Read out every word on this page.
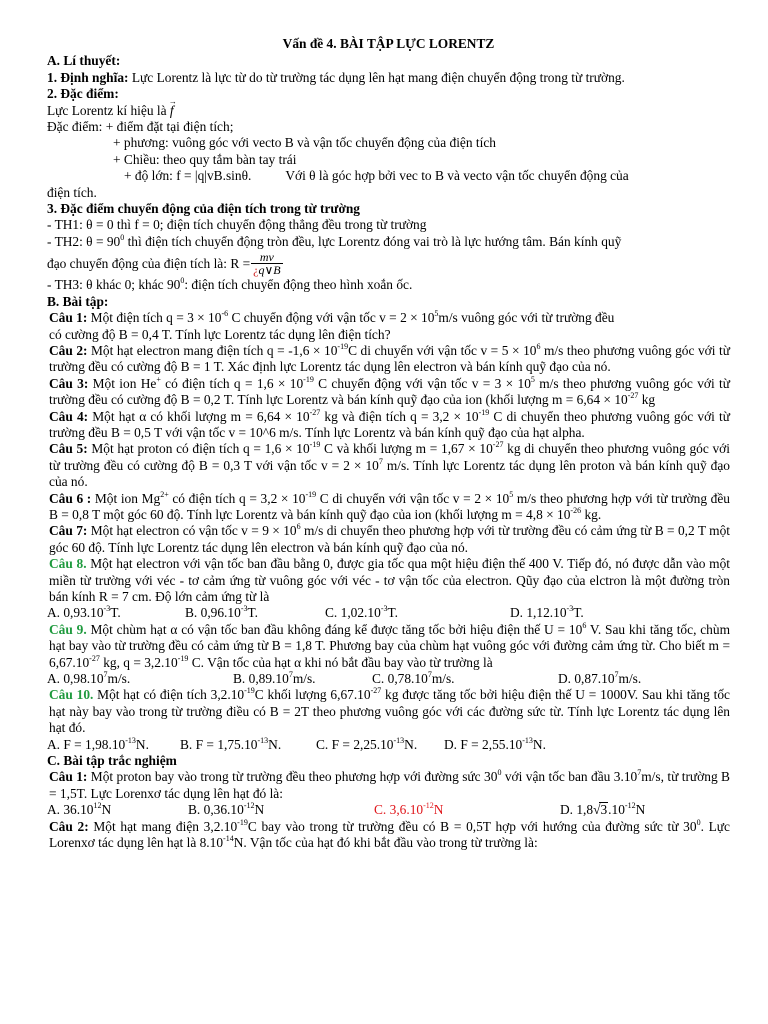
Vấn đề 4. BÀI TẬP LỰC LORENTZ
A. Lí thuyết:
1. Định nghĩa: Lực Lorentz là lực từ do từ trường tác dụng lên hạt mang điện chuyển động trong từ trường.
2. Đặc điểm:
Lực Lorentz kí hiệu là → f
Đặc điểm: + điểm đặt tại điện tích;
+ phương: vuông góc với vecto B và vận tốc chuyển động của điện tích
+ Chiều: theo quy tắm bàn tay trái
+ độ lớn: f = |q|vB.sinθ.	Với θ là góc hợp bởi vec to B và vecto vận tốc chuyển động của
điện tích.
3. Đặc điểm chuyển động của điện tích trong từ trường
- TH1: θ = 0 thì f = 0; điện tích chuyển động thẳng đều trong từ trường
- TH2: $\theta = 90^0$ thì điện tích chuyển động tròn đều, lực Lorentz đóng vai trò là lực hướng tâm. Bán kính quỹ
đạo chuyển động của điện tích là: $R = \frac{mv}{¿q\vee B}$
- TH3: θ khác 0; khác $90^0$: điện tích chuyển động theo hình xoắn ốc.
B. Bài tập:
Câu 1: Một điện tích $q = 3 \times 10^{-6}$ C chuyển động với vận tốc $v = 2 \times 10^5m/s$ vuông góc với từ trường đều
có cường độ B = 0,4 T. Tính lực Lorentz tác dụng lên điện tích?
Câu 2: Một hạt electron mang điện tích $q = -1,6 \times 10^{-19}C$ di chuyển với vận tốc $v = 5 \times 10^6$ m/s theo phương vuông góc với từ trường đều có cường độ B = 1 T. Xác định lực Lorentz tác dụng lên electron và bán kính quỹ đạo của nó.
Câu 3: Một ion He+ có điện tích $q = 1,6 \times 10^{-19}$ C chuyển động với vận tốc $v = 3 \times 10^5$ m/s theo phương vuông góc với từ trường đều có cường độ B = 0,2 T. Tính lực Lorentz và bán kính quỹ đạo của ion (khối lượng $m = 6,64 \times 10^{-27}$ kg
Câu 4: Một hạt α có khối lượng $m = 6,64 \times 10^{-27}$ kg và điện tích $q = 3,2 \times 10^{-19}$ C di chuyển theo phương vuông góc với từ trường đều B = 0,5 T với vận tốc v = 10^6 m/s. Tính lực Lorentz và bán kính quỹ đạo của hạt alpha.
Câu 5: Một hạt proton có điện tích $q = 1,6 \times 10^{-19}$ C và khối lượng $m = 1,67 \times 10^{-27}$ kg di chuyển theo phương vuông góc với từ trường đều có cường độ B = 0,3 T với vận tốc $v = 2 \times 10^7$ m/s. Tính lực Lorentz tác dụng lên proton và bán kính quỹ đạo của nó.
Câu 6 : Một ion $Mg^{2+}$ có điện tích $q = 3,2 \times 10^{-19}$ C di chuyển với vận tốc $v = 2 \times 10^5$ m/s theo phương hợp với từ trường đều B = 0,8 T một góc 60 độ. Tính lực Lorentz và bán kính quỹ đạo của ion (khối lượng $m = 4,8 \times 10^{-26}$ kg.
Câu 7: Một hạt electron có vận tốc $v = 9 \times 10^6$ m/s di chuyển theo phương hợp với từ trường đều có cảm ứng từ B = 0,2 T một góc 60 độ. Tính lực Lorentz tác dụng lên electron và bán kính quỹ đạo của nó.
Câu 8. Một hạt electron với vận tốc ban đầu bằng 0, được gia tốc qua một hiệu điện thế 400 V. Tiếp đó, nó được dẫn vào một miền từ trường với véc - tơ cảm ứng từ vuông góc với véc - tơ vận tốc của electron. Qũy đạo của elctron là một đường tròn bán kính R = 7 cm. Độ lớn cảm ứng từ là
A. $0,93.10^{-3}T$.	B. $0,96.10^{-3}T$.	C. $1,02.10^{-3}T$.	D. $1,12.10^{-3}T$.
Câu 9. Một chùm hạt α có vận tốc ban đầu không đáng kể được tăng tốc bởi hiệu điện thế $U = 10^6$ V. Sau khi tăng tốc, chùm hạt bay vào từ trường đều có cảm ứng từ B = 1,8 T. Phương bay của chùm hạt vuông góc với đường cảm ứng từ. Cho biết $m = 6,67.10^{-27}$ kg, $q = 3,2.10^{-19}$ C. Vận tốc của hạt α khi nó bắt đầu bay vào từ trường là
A. 0,98.10$^7$m/s.	B. 0,89.10$^7$m/s.	C. 0,78.10$^7$m/s.	D. 0,87.10$^7$m/s.
Câu 10. Một hạt có điện tích $3,2.10^{-19}C$ khối lượng $6,67.10^{-27}$ kg được tăng tốc bởi hiệu điện thế U = 1000V. Sau khi tăng tốc hạt này bay vào trong từ trường điều có B = 2T theo phương vuông góc với các đường sức từ. Tính lực Lorentz tác dụng lên hạt đó.
A. $F = 1,98.10^{-13}N$.	B. $F = 1,75.10^{-13}N$.	C. $F = 2,25.10^{-13}N$.	D. $F = 2,55.10^{-13}N$.
C. Bài tập trắc nghiệm
Câu 1: Một proton bay vào trong từ trường đều theo phương hợp với đường sức $30^0$ với vận tốc ban đầu 3.10$^7$m/s, từ trường B = 1,5T. Lực Lorenxơ tác dụng lên hạt đó là:
A. 36.10$^{12}$N	B. $0,36.10^{-12}N$	C. $3,6.10^{-12}N$	D. $1,8√3.10^{-12}N$
Câu 2: Một hạt mang điện $3,2.10^{-19}C$ bay vào trong từ trường đều có B = 0,5T hợp với hướng của đường sức từ $30^0$. Lực Lorenxơ tác dụng lên hạt là $8.10^{-14}N$. Vận tốc của hạt đó khi bắt đầu vào trong từ trường là:
